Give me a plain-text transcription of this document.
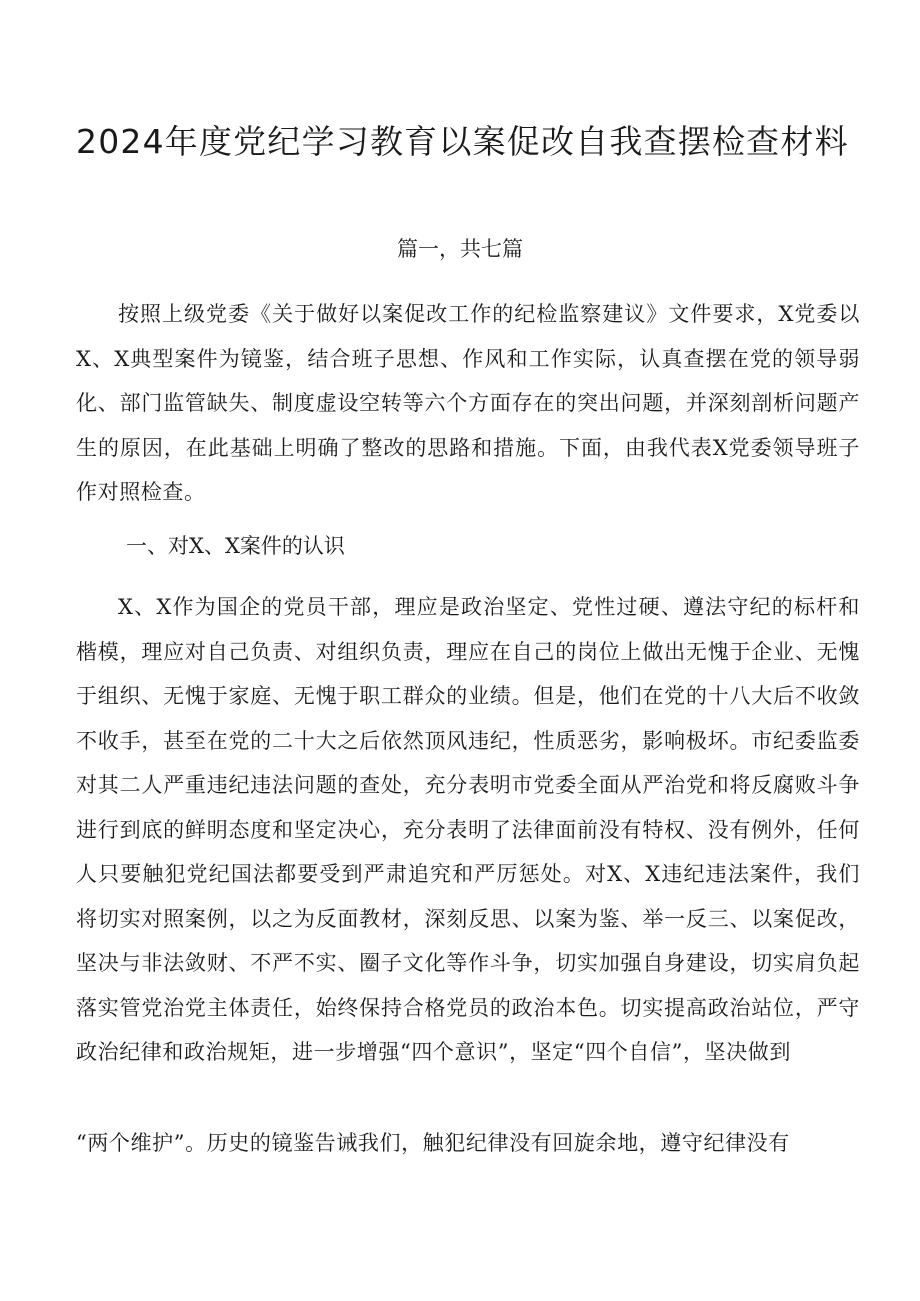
2024年度党纪学习教育以案促改自我查摆检查材料
篇一，共七篇
按照上级党委《关于做好以案促改工作的纪检监察建议》文件要求，X党委以X、X典型案件为镜鉴，结合班子思想、作风和工作实际，认真查摆在党的领导弱化、部门监管缺失、制度虚设空转等六个方面存在的突出问题，并深刻剖析问题产生的原因，在此基础上明确了整改的思路和措施。下面，由我代表X党委领导班子作对照检查。
一、对X、X案件的认识
X、X作为国企的党员干部，理应是政治坚定、党性过硬、遵法守纪的标杆和楷模，理应对自己负责、对组织负责，理应在自己的岗位上做出无愧于企业、无愧于组织、无愧于家庭、无愧于职工群众的业绩。但是，他们在党的十八大后不收敛不收手，甚至在党的二十大之后依然顶风违纪，性质恶劣，影响极坏。市纪委监委对其二人严重违纪违法问题的查处，充分表明市党委全面从严治党和将反腐败斗争进行到底的鲜明态度和坚定决心，充分表明了法律面前没有特权、没有例外，任何人只要触犯党纪国法都要受到严肃追究和严厉惩处。对X、X违纪违法案件，我们将切实对照案例，以之为反面教材，深刻反思、以案为鉴、举一反三、以案促改，坚决与非法敛财、不严不实、圈子文化等作斗争，切实加强自身建设，切实肩负起落实管党治党主体责任，始终保持合格党员的政治本色。切实提高政治站位，严守政治纪律和政治规矩，进一步增强“四个意识”，坚定“四个自信”，坚决做到
“两个维护”。历史的镜鉴告诫我们，触犯纪律没有回旋余地，遵守纪律没有
